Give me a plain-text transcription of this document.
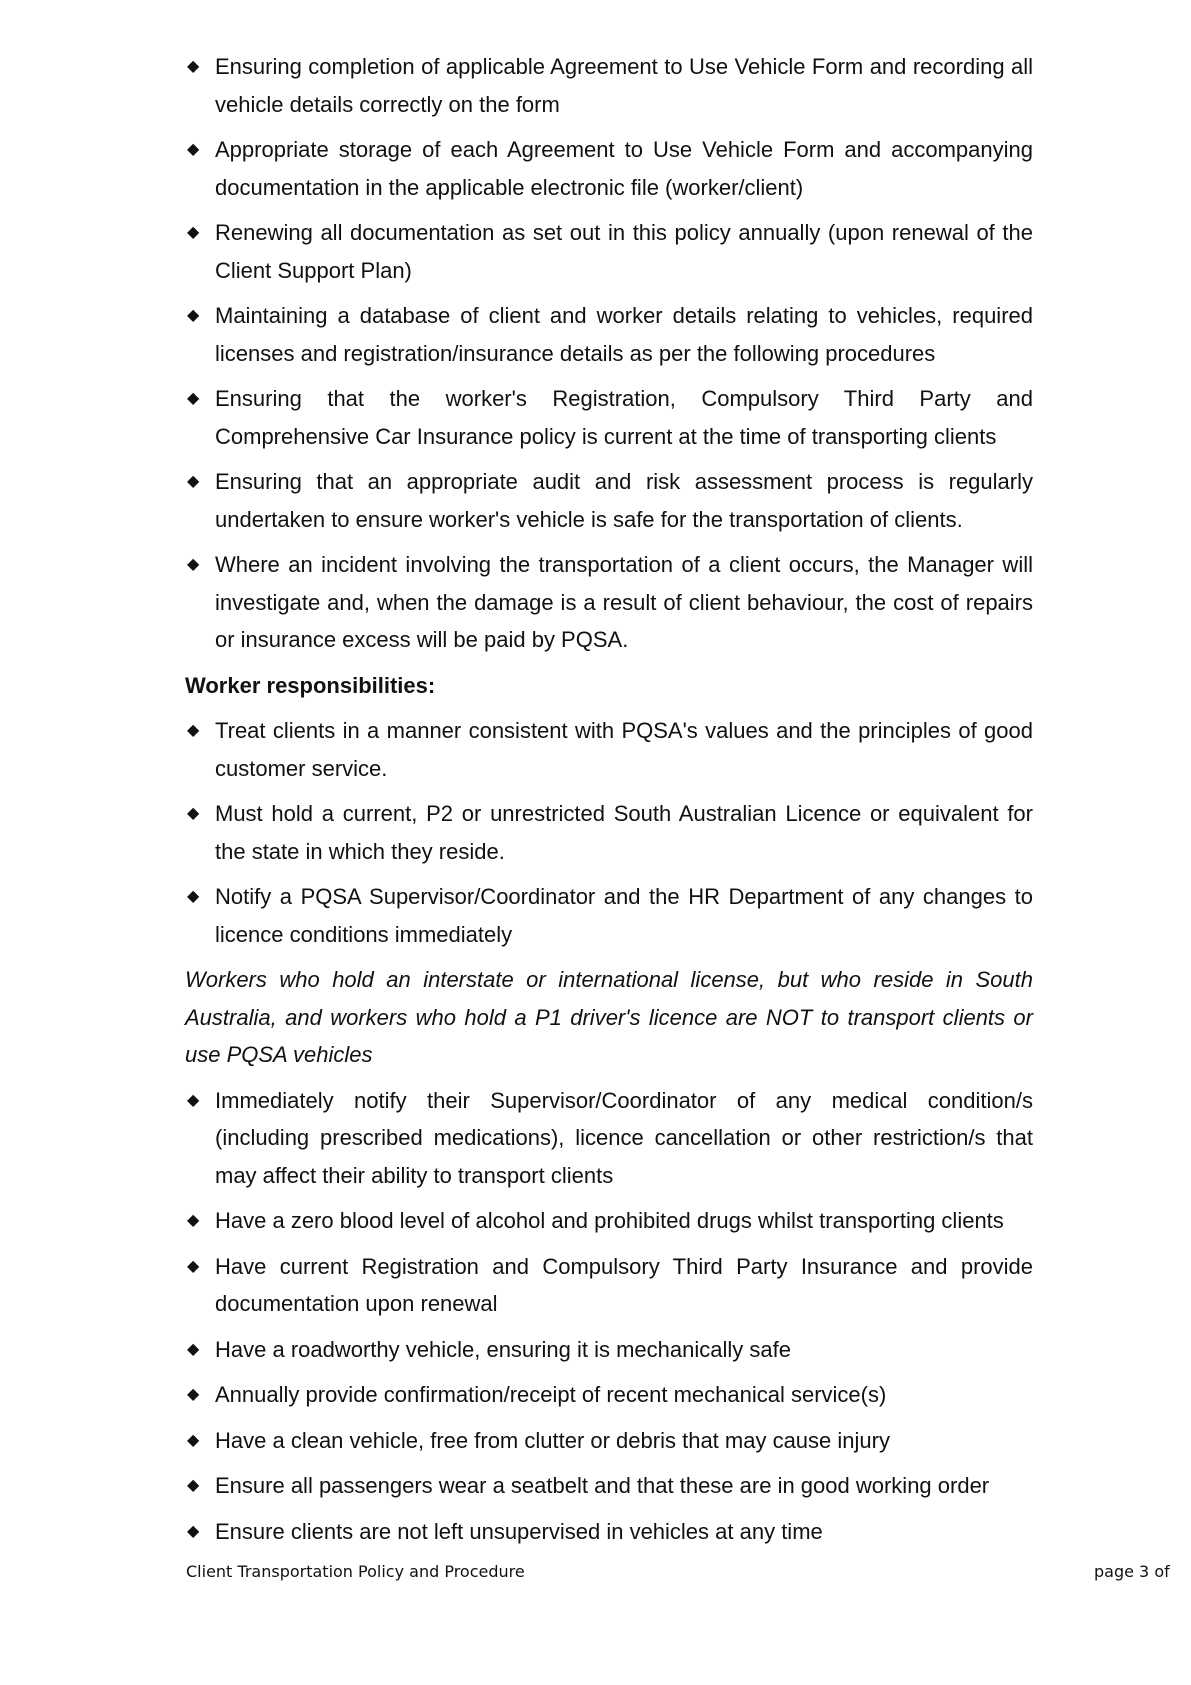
◆ Ensuring completion of applicable Agreement to Use Vehicle Form and recording all vehicle details correctly on the form
◆ Appropriate storage of each Agreement to Use Vehicle Form and accompanying documentation in the applicable electronic file (worker/client)
◆ Renewing all documentation as set out in this policy annually (upon renewal of the Client Support Plan)
◆ Maintaining a database of client and worker details relating to vehicles, required licenses and registration/insurance details as per the following procedures
◆ Ensuring that the worker's Registration, Compulsory Third Party and Comprehensive Car Insurance policy is current at the time of transporting clients
◆ Ensuring that an appropriate audit and risk assessment process is regularly undertaken to ensure worker's vehicle is safe for the transportation of clients.
◆ Where an incident involving the transportation of a client occurs, the Manager will investigate and, when the damage is a result of client behaviour, the cost of repairs or insurance excess will be paid by PQSA.
Worker responsibilities:
◆ Treat clients in a manner consistent with PQSA's values and the principles of good customer service.
◆ Must hold a current, P2 or unrestricted South Australian Licence or equivalent for the state in which they reside.
◆ Notify a PQSA Supervisor/Coordinator and the HR Department of any changes to licence conditions immediately
Workers who hold an interstate or international license, but who reside in South Australia, and workers who hold a P1 driver's licence are NOT to transport clients or use PQSA vehicles
◆ Immediately notify their Supervisor/Coordinator of any medical condition/s (including prescribed medications), licence cancellation or other restriction/s that may affect their ability to transport clients
◆ Have a zero blood level of alcohol and prohibited drugs whilst transporting clients
◆ Have current Registration and Compulsory Third Party Insurance and provide documentation upon renewal
◆ Have a roadworthy vehicle, ensuring it is mechanically safe
◆ Annually provide confirmation/receipt of recent mechanical service(s)
◆ Have a clean vehicle, free from clutter or debris that may cause injury
◆ Ensure all passengers wear a seatbelt and that these are in good working order
◆ Ensure clients are not left unsupervised in vehicles at any time
Client Transportation Policy and Procedure	page 3 of
